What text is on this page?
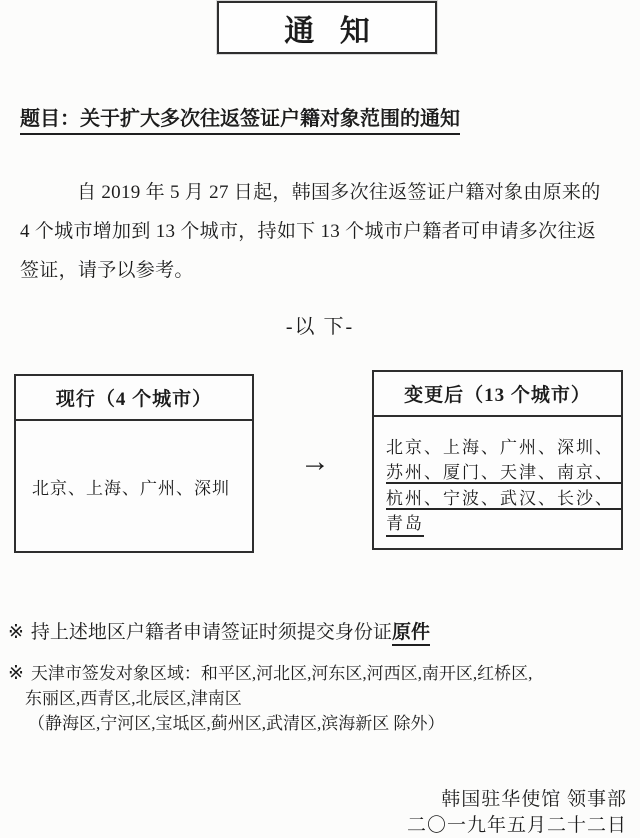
通 知
题目：关于扩大多次往返签证户籍对象范围的通知
自 2019 年 5 月 27 日起，韩国多次往返签证户籍对象由原来的
4 个城市增加到 13 个城市，持如下 13 个城市户籍者可申请多次往返
签证，请予以参考。
-以 下-
现行（4 个城市）
北京、上海、广州、深圳
→
变更后（13 个城市）
北京、上海、广州、深圳、
苏州、厦门、天津、南京、
杭州、宁波、武汉、长沙、
青岛
※ 持上述地区户籍者申请签证时须提交身份证原件
※ 天津市签发对象区域：和平区,河北区,河东区,河西区,南开区,红桥区,
东丽区,西青区,北辰区,津南区
（静海区,宁河区,宝坻区,蓟州区,武清区,滨海新区 除外）
韩国驻华使馆 领事部
二〇一九年五月二十二日
